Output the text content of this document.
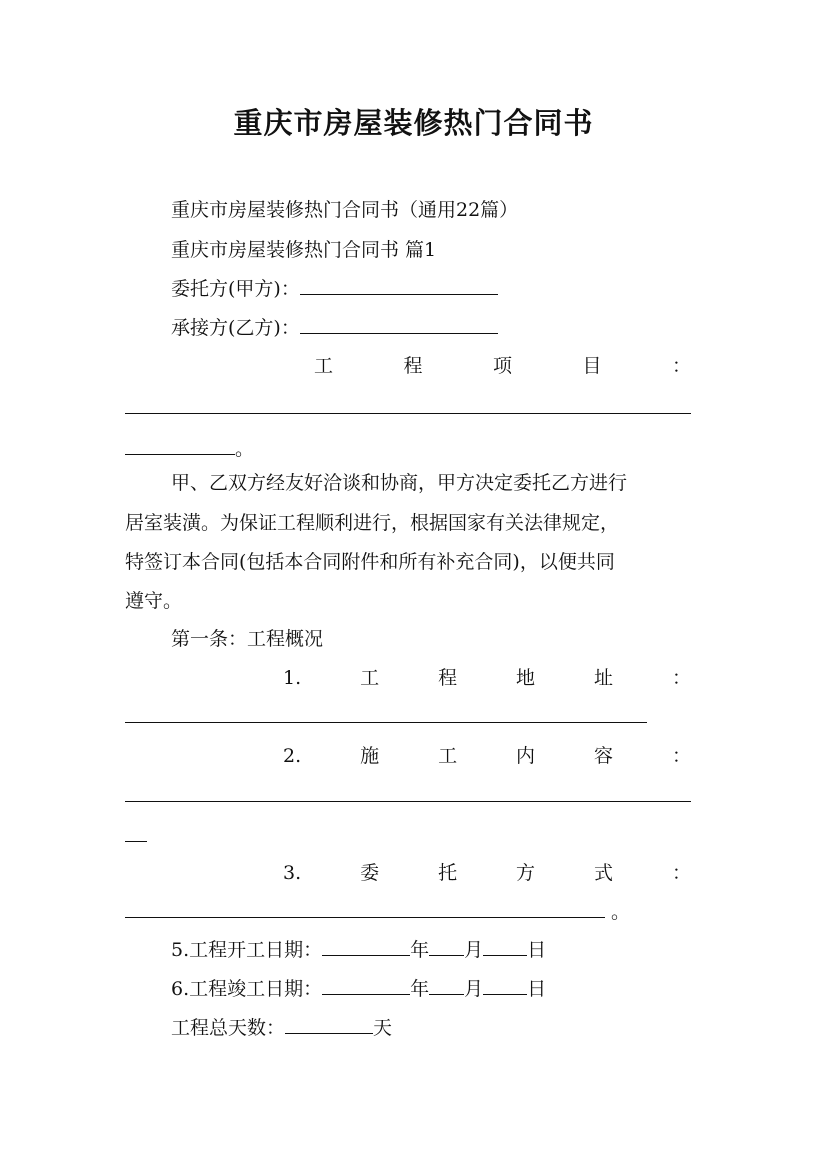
重庆市房屋装修热门合同书
重庆市房屋装修热门合同书（通用22篇）
重庆市房屋装修热门合同书 篇1
委托方(甲方)：
承接方(乙方)：
工	程	项	目	：
。
甲、乙双方经友好洽谈和协商，甲方决定委托乙方进行
居室装潢。为保证工程顺利进行，根据国家有关法律规定，
特签订本合同(包括本合同附件和所有补充合同)，以便共同
遵守。
第一条：工程概况
1.	工	程	地	址	：
2.	施	工	内	容	：
3.	委	托	方	式	：
。
5.工程开工日期：	年 月 日
6.工程竣工日期：	年 月 日
工程总天数：	天
